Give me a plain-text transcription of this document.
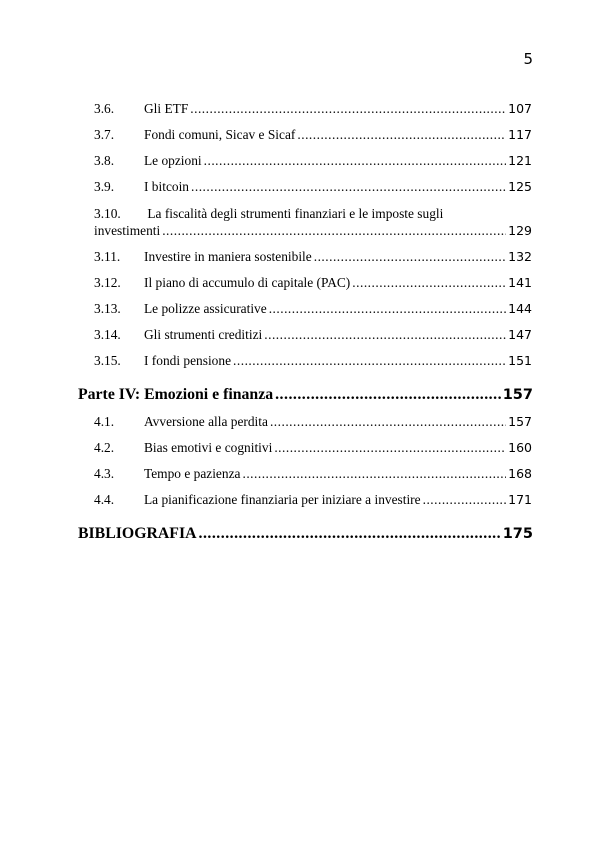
5
3.6.	Gli ETF .....	107
3.7.	Fondi comuni, Sicav e Sicaf .....	117
3.8.	Le opzioni .....	121
3.9.	I bitcoin .....	125
3.10. La fiscalità degli strumenti finanziari e le imposte sugli
investimenti .....	129
3.11.	Investire in maniera sostenibile .....	132
3.12.	Il piano di accumulo di capitale (PAC) .....	141
3.13.	Le polizze assicurative .....	144
3.14.	Gli strumenti creditizi .....	147
3.15.	I fondi pensione .....	151
Parte IV: Emozioni e finanza .....	157
4.1.	Avversione alla perdita .....	157
4.2.	Bias emotivi e cognitivi .....	160
4.3.	Tempo e pazienza .....	168
4.4.	La pianificazione finanziaria per iniziare a investire .....	171
BIBLIOGRAFIA .....	175
